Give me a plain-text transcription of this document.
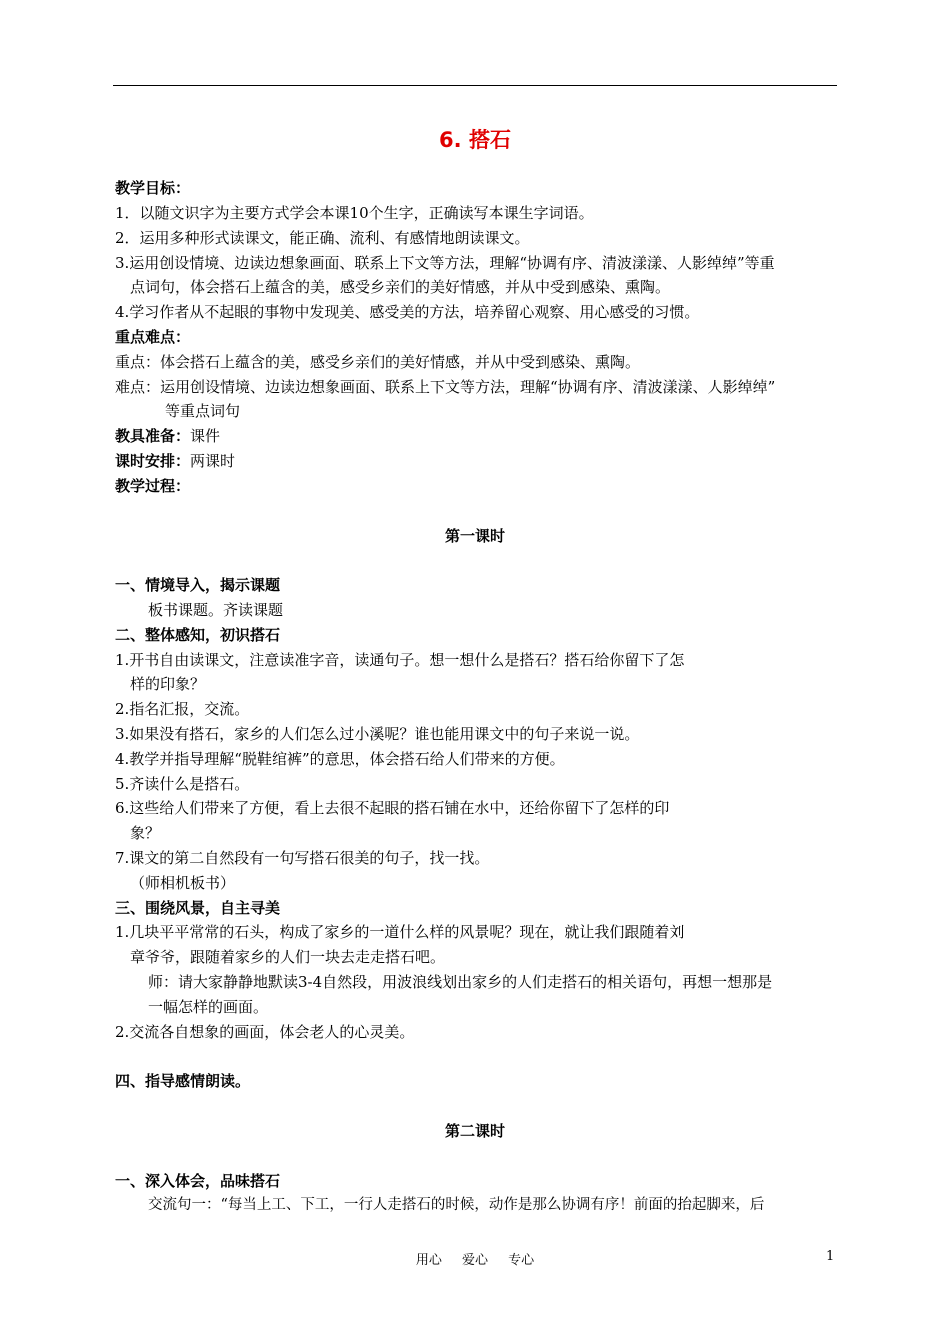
6. 搭石
教学目标：
1．以随文识字为主要方式学会本课10个生字，正确读写本课生字词语。
2．运用多种形式读课文，能正确、流利、有感情地朗读课文。
3.运用创设情境、边读边想象画面、联系上下文等方法，理解“协调有序、清波漾漾、人影绰绰”等重
点词句，体会搭石上蕴含的美，感受乡亲们的美好情感，并从中受到感染、熏陶。
4.学习作者从不起眼的事物中发现美、感受美的方法，培养留心观察、用心感受的习惯。
重点难点：
重点：体会搭石上蕴含的美，感受乡亲们的美好情感，并从中受到感染、熏陶。
难点：运用创设情境、边读边想象画面、联系上下文等方法，理解“协调有序、清波漾漾、人影绰绰”
等重点词句
教具准备：课件
课时安排：两课时
教学过程：
第一课时
一、情境导入，揭示课题
板书课题。齐读课题
二、整体感知，初识搭石
1.开书自由读课文，注意读准字音，读通句子。想一想什么是搭石？搭石给你留下了怎
样的印象？
2.指名汇报，交流。
3.如果没有搭石，家乡的人们怎么过小溪呢？谁也能用课文中的句子来说一说。
4.教学并指导理解“脱鞋绾裤”的意思，体会搭石给人们带来的方便。
5.齐读什么是搭石。
6.这些给人们带来了方便，看上去很不起眼的搭石铺在水中，还给你留下了怎样的印
象？
7.课文的第二自然段有一句写搭石很美的句子，找一找。
（师相机板书）
三、围绕风景，自主寻美
1.几块平平常常的石头，构成了家乡的一道什么样的风景呢？现在，就让我们跟随着刘
章爷爷，跟随着家乡的人们一块去走走搭石吧。
师：请大家静静地默读3-4自然段，用波浪线划出家乡的人们走搭石的相关语句，再想一想那是
一幅怎样的画面。
2.交流各自想象的画面，体会老人的心灵美。
四、指导感情朗读。
第二课时
一、深入体会，品味搭石
交流句一：“每当上工、下工，一行人走搭石的时候，动作是那么协调有序！前面的抬起脚来，后
用心 爱心 专心	1
